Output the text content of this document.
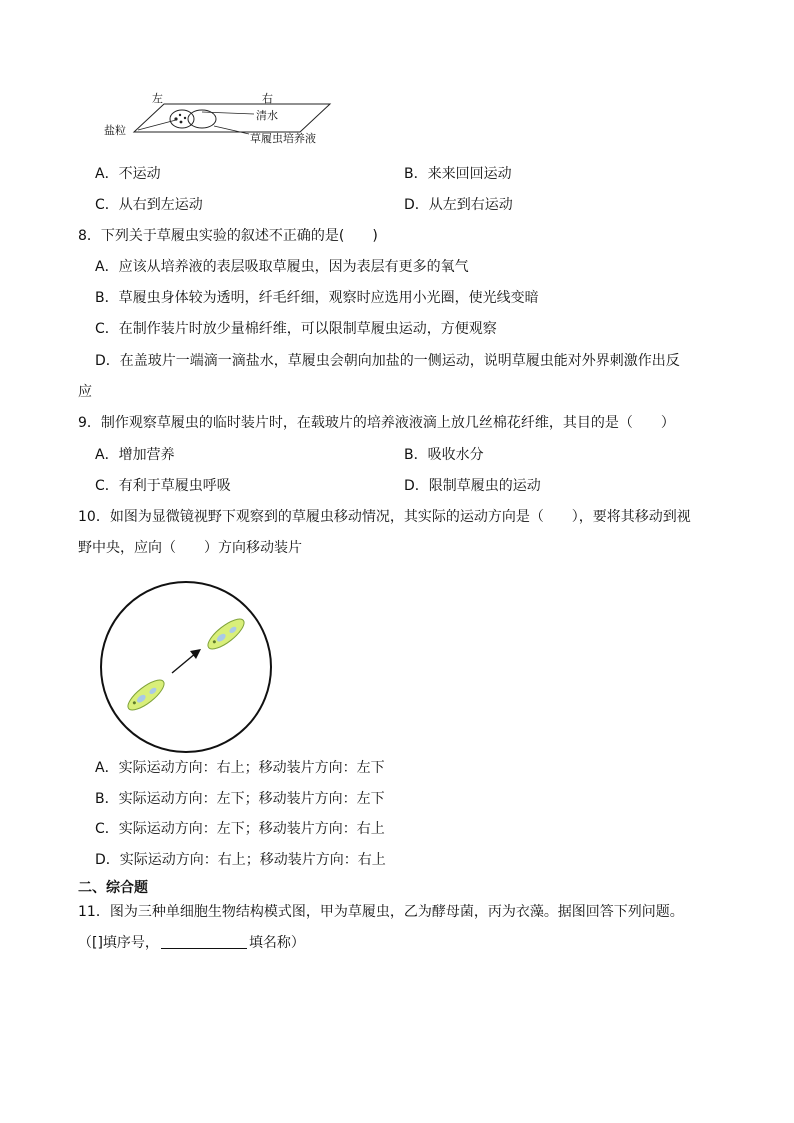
左	右
清水
盐粒
草履虫培养液
A．不运动	B．来来回回运动
C．从右到左运动	D．从左到右运动
8．下列关于草履虫实验的叙述不正确的是(　　)
A．应该从培养液的表层吸取草履虫，因为表层有更多的氧气
B．草履虫身体较为透明，纤毛纤细，观察时应选用小光圈，使光线变暗
C．在制作装片时放少量棉纤维，可以限制草履虫运动，方便观察
D．在盖玻片一端滴一滴盐水，草履虫会朝向加盐的一侧运动，说明草履虫能对外界刺激作出反
应
9．制作观察草履虫的临时装片时，在载玻片的培养液液滴上放几丝棉花纤维，其目的是（　　）
A．增加营养	B．吸收水分
C．有利于草履虫呼吸	D．限制草履虫的运动
10．如图为显微镜视野下观察到的草履虫移动情况，其实际的运动方向是（　　），要将其移动到视
野中央，应向（　　）方向移动装片
A．实际运动方向：右上；移动装片方向：左下
B．实际运动方向：左下；移动装片方向：左下
C．实际运动方向：左下；移动装片方向：右上
D．实际运动方向：右上；移动装片方向：右上
二、综合题
11．图为三种单细胞生物结构模式图，甲为草履虫，乙为酵母菌，丙为衣藻。据图回答下列问题。
（[]填序号，	填名称）
